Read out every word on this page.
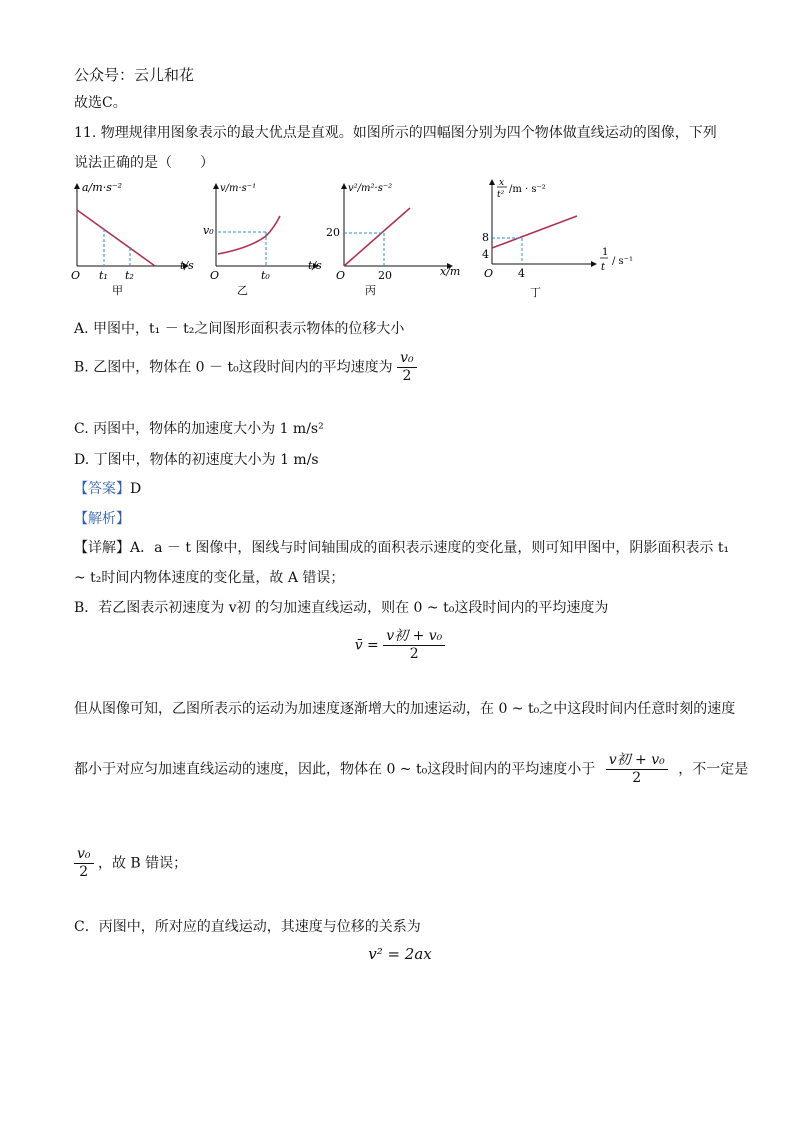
公众号：云儿和花
故选C。
11. 物理规律用图象表示的最大优点是直观。如图所示的四幅图分别为四个物体做直线运动的图像，下列
说法正确的是（　　）
a/m·s⁻²
t/s
O t₁ t₂
甲
v/m·s⁻¹
t/s
O
v₀
t₀
乙
v²/m²·s⁻²
x/m
O
20
20
丙
x
t² /m · s⁻²
1
t
/ s⁻¹
O
8
4
4
丁
A. 甲图中，t₁ － t₂之间图形面积表示物体的位移大小
B. 乙图中，物体在 0 － t₀这段时间内的平均速度为 $\frac{\text{v₀}}{2}$
C. 丙图中，物体的加速度大小为 1 m/s²
D. 丁图中，物体的初速度大小为 1 m/s
【答案】D
【解析】
【详解】A．a － t 图像中，图线与时间轴围成的面积表示速度的变化量，则可知甲图中，阴影面积表示 t₁
~ t₂时间内物体速度的变化量，故 A 错误；
B．若乙图表示初速度为 v初 的匀加速直线运动，则在 0 ~ t₀这段时间内的平均速度为
v̄ = $\frac{\text{v初 + v₀}}{2}$
但从图像可知，乙图所表示的运动为加速度逐渐增大的加速运动，在 0 ~ t₀之中这段时间内任意时刻的速度
都小于对应匀加速直线运动的速度，因此，物体在 0 ~ t₀这段时间内的平均速度小于 $\frac{\text{v初 + v₀}}{2}$ ，不一定是
$\frac{\text{v₀}}{2}$ ，故 B 错误；
C．丙图中，所对应的直线运动，其速度与位移的关系为
v² = 2ax
